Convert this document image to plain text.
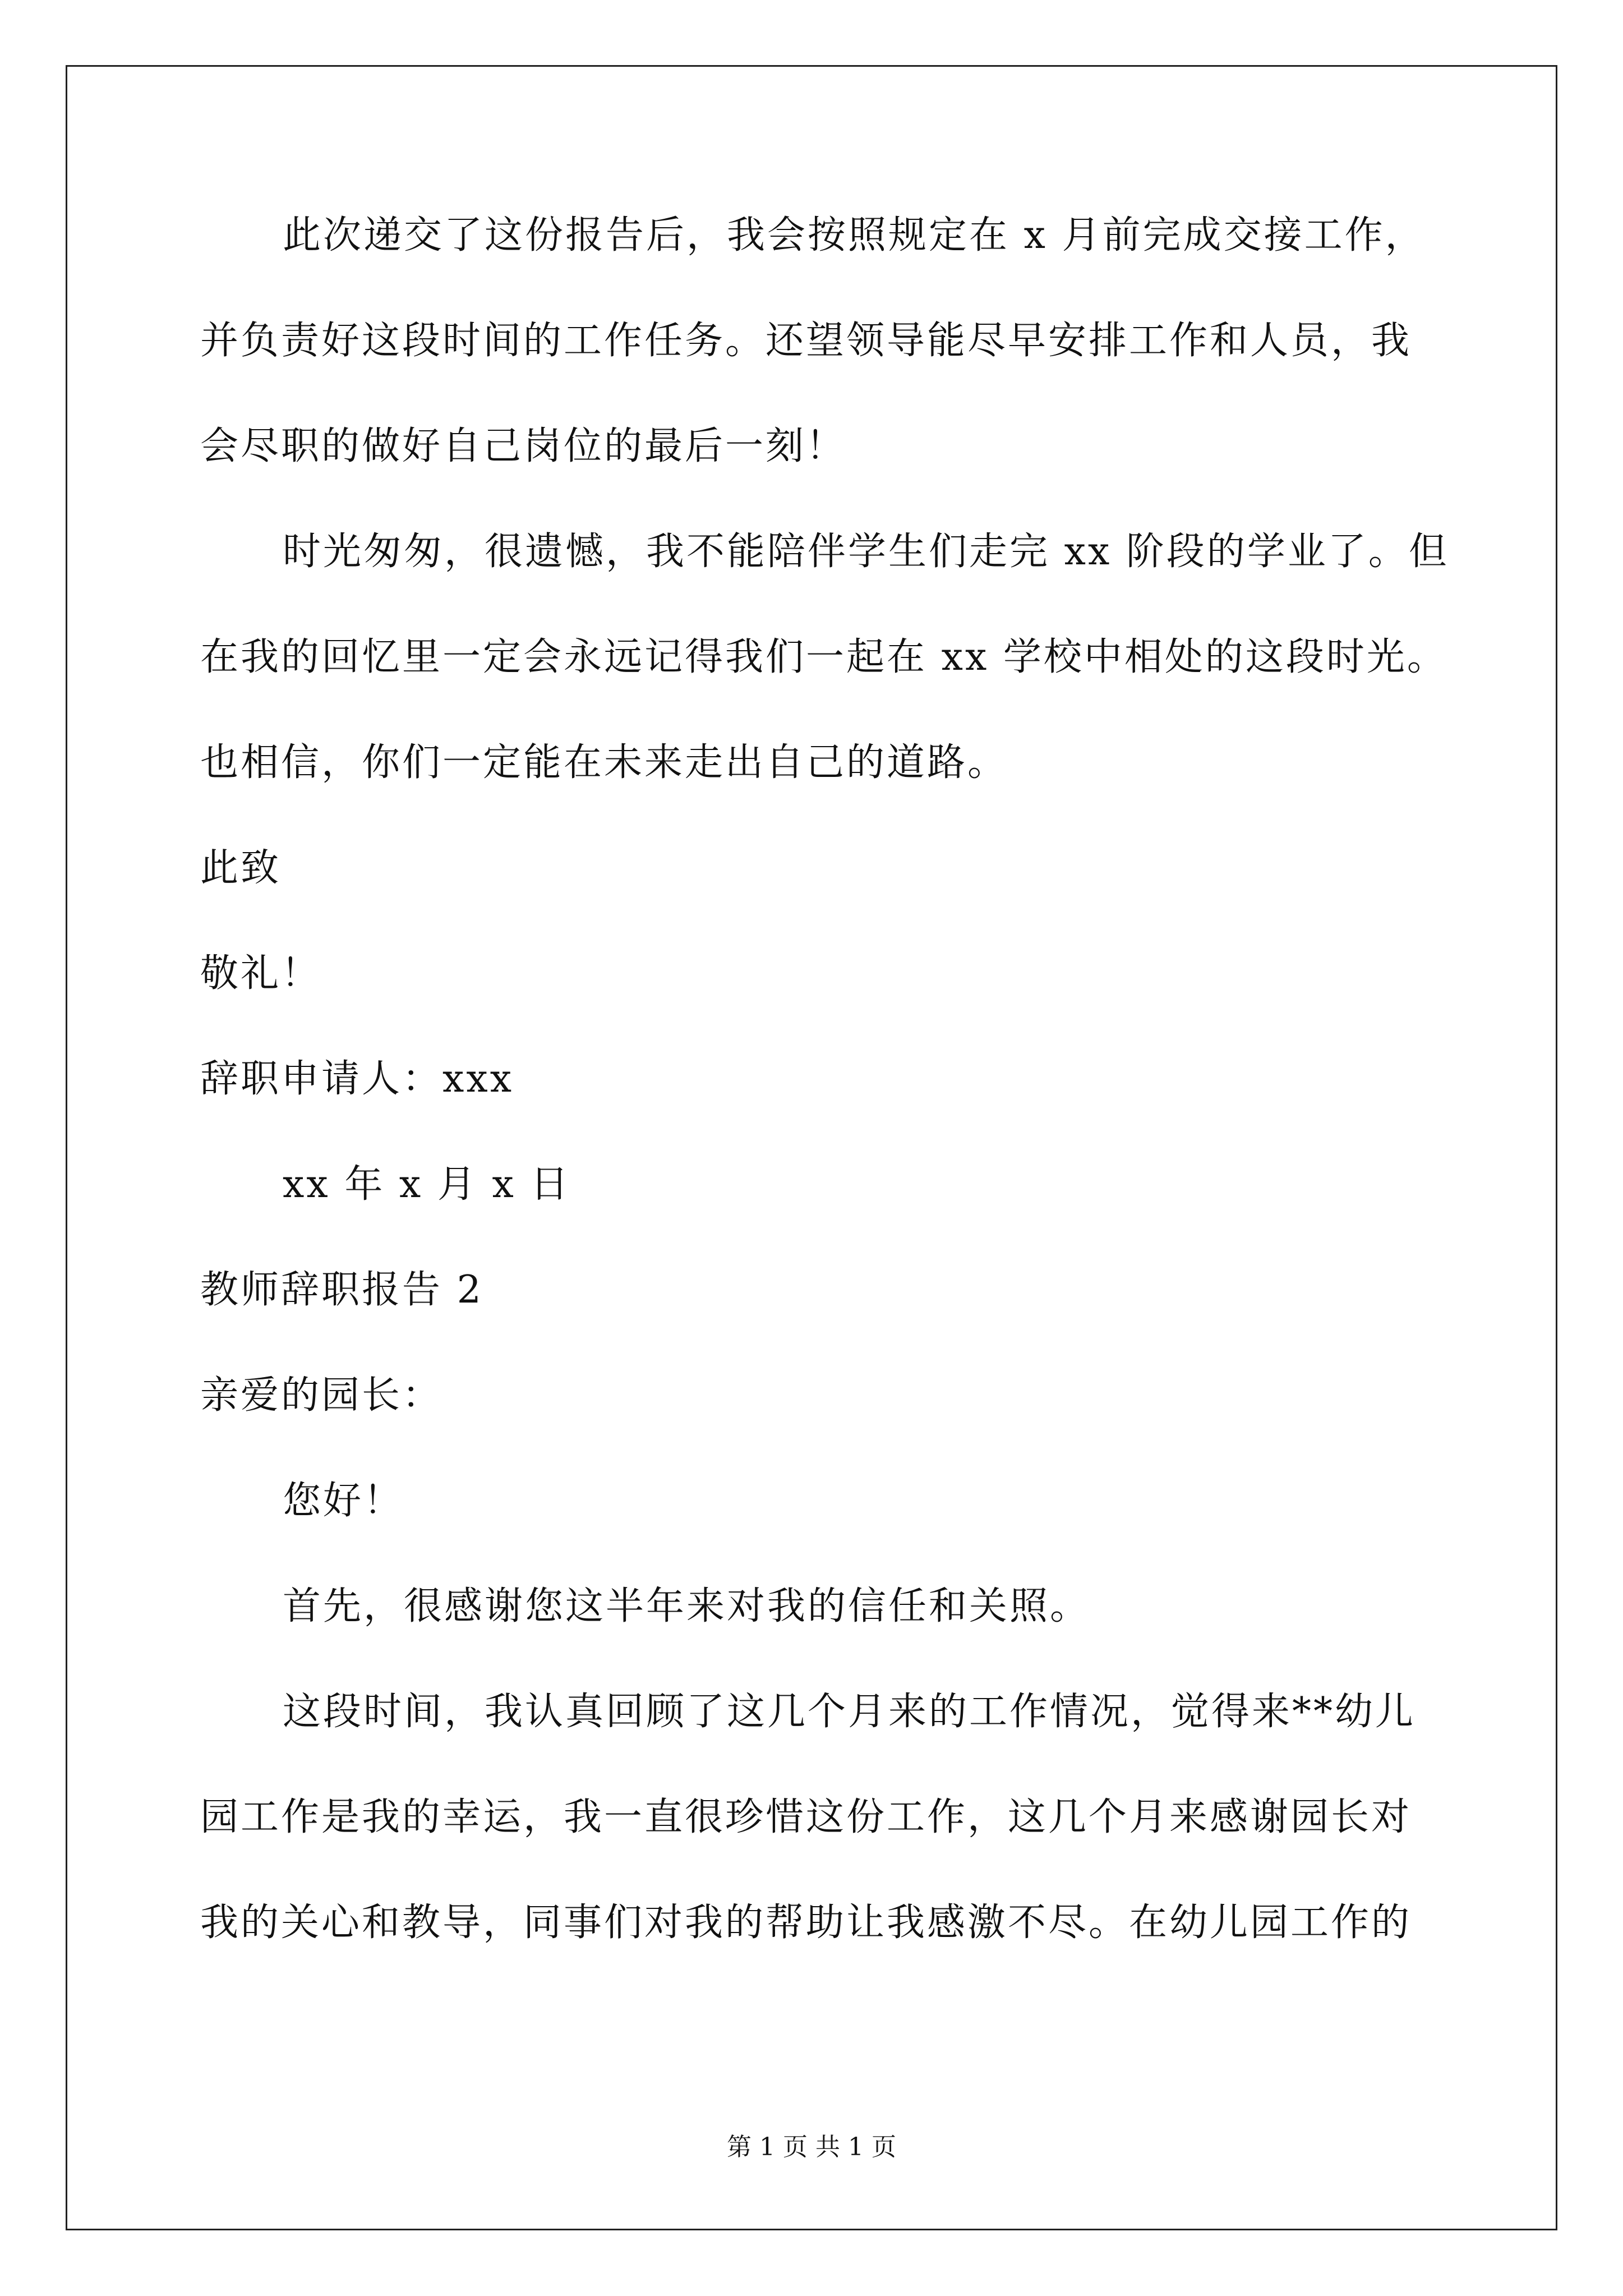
此次递交了这份报告后，我会按照规定在 x 月前完成交接工作，
并负责好这段时间的工作任务。还望领导能尽早安排工作和人员，我
会尽职的做好自己岗位的最后一刻！
时光匆匆，很遗憾，我不能陪伴学生们走完 xx 阶段的学业了。但
在我的回忆里一定会永远记得我们一起在 xx 学校中相处的这段时光。
也相信，你们一定能在未来走出自己的道路。
此致
敬礼！
辞职申请人：xxx
xx 年 x 月 x 日
教师辞职报告 2
亲爱的园长：
您好！
首先，很感谢您这半年来对我的信任和关照。
这段时间，我认真回顾了这几个月来的工作情况，觉得来**幼儿
园工作是我的幸运，我一直很珍惜这份工作，这几个月来感谢园长对
我的关心和教导，同事们对我的帮助让我感激不尽。在幼儿园工作的
第 1 页 共 1 页
